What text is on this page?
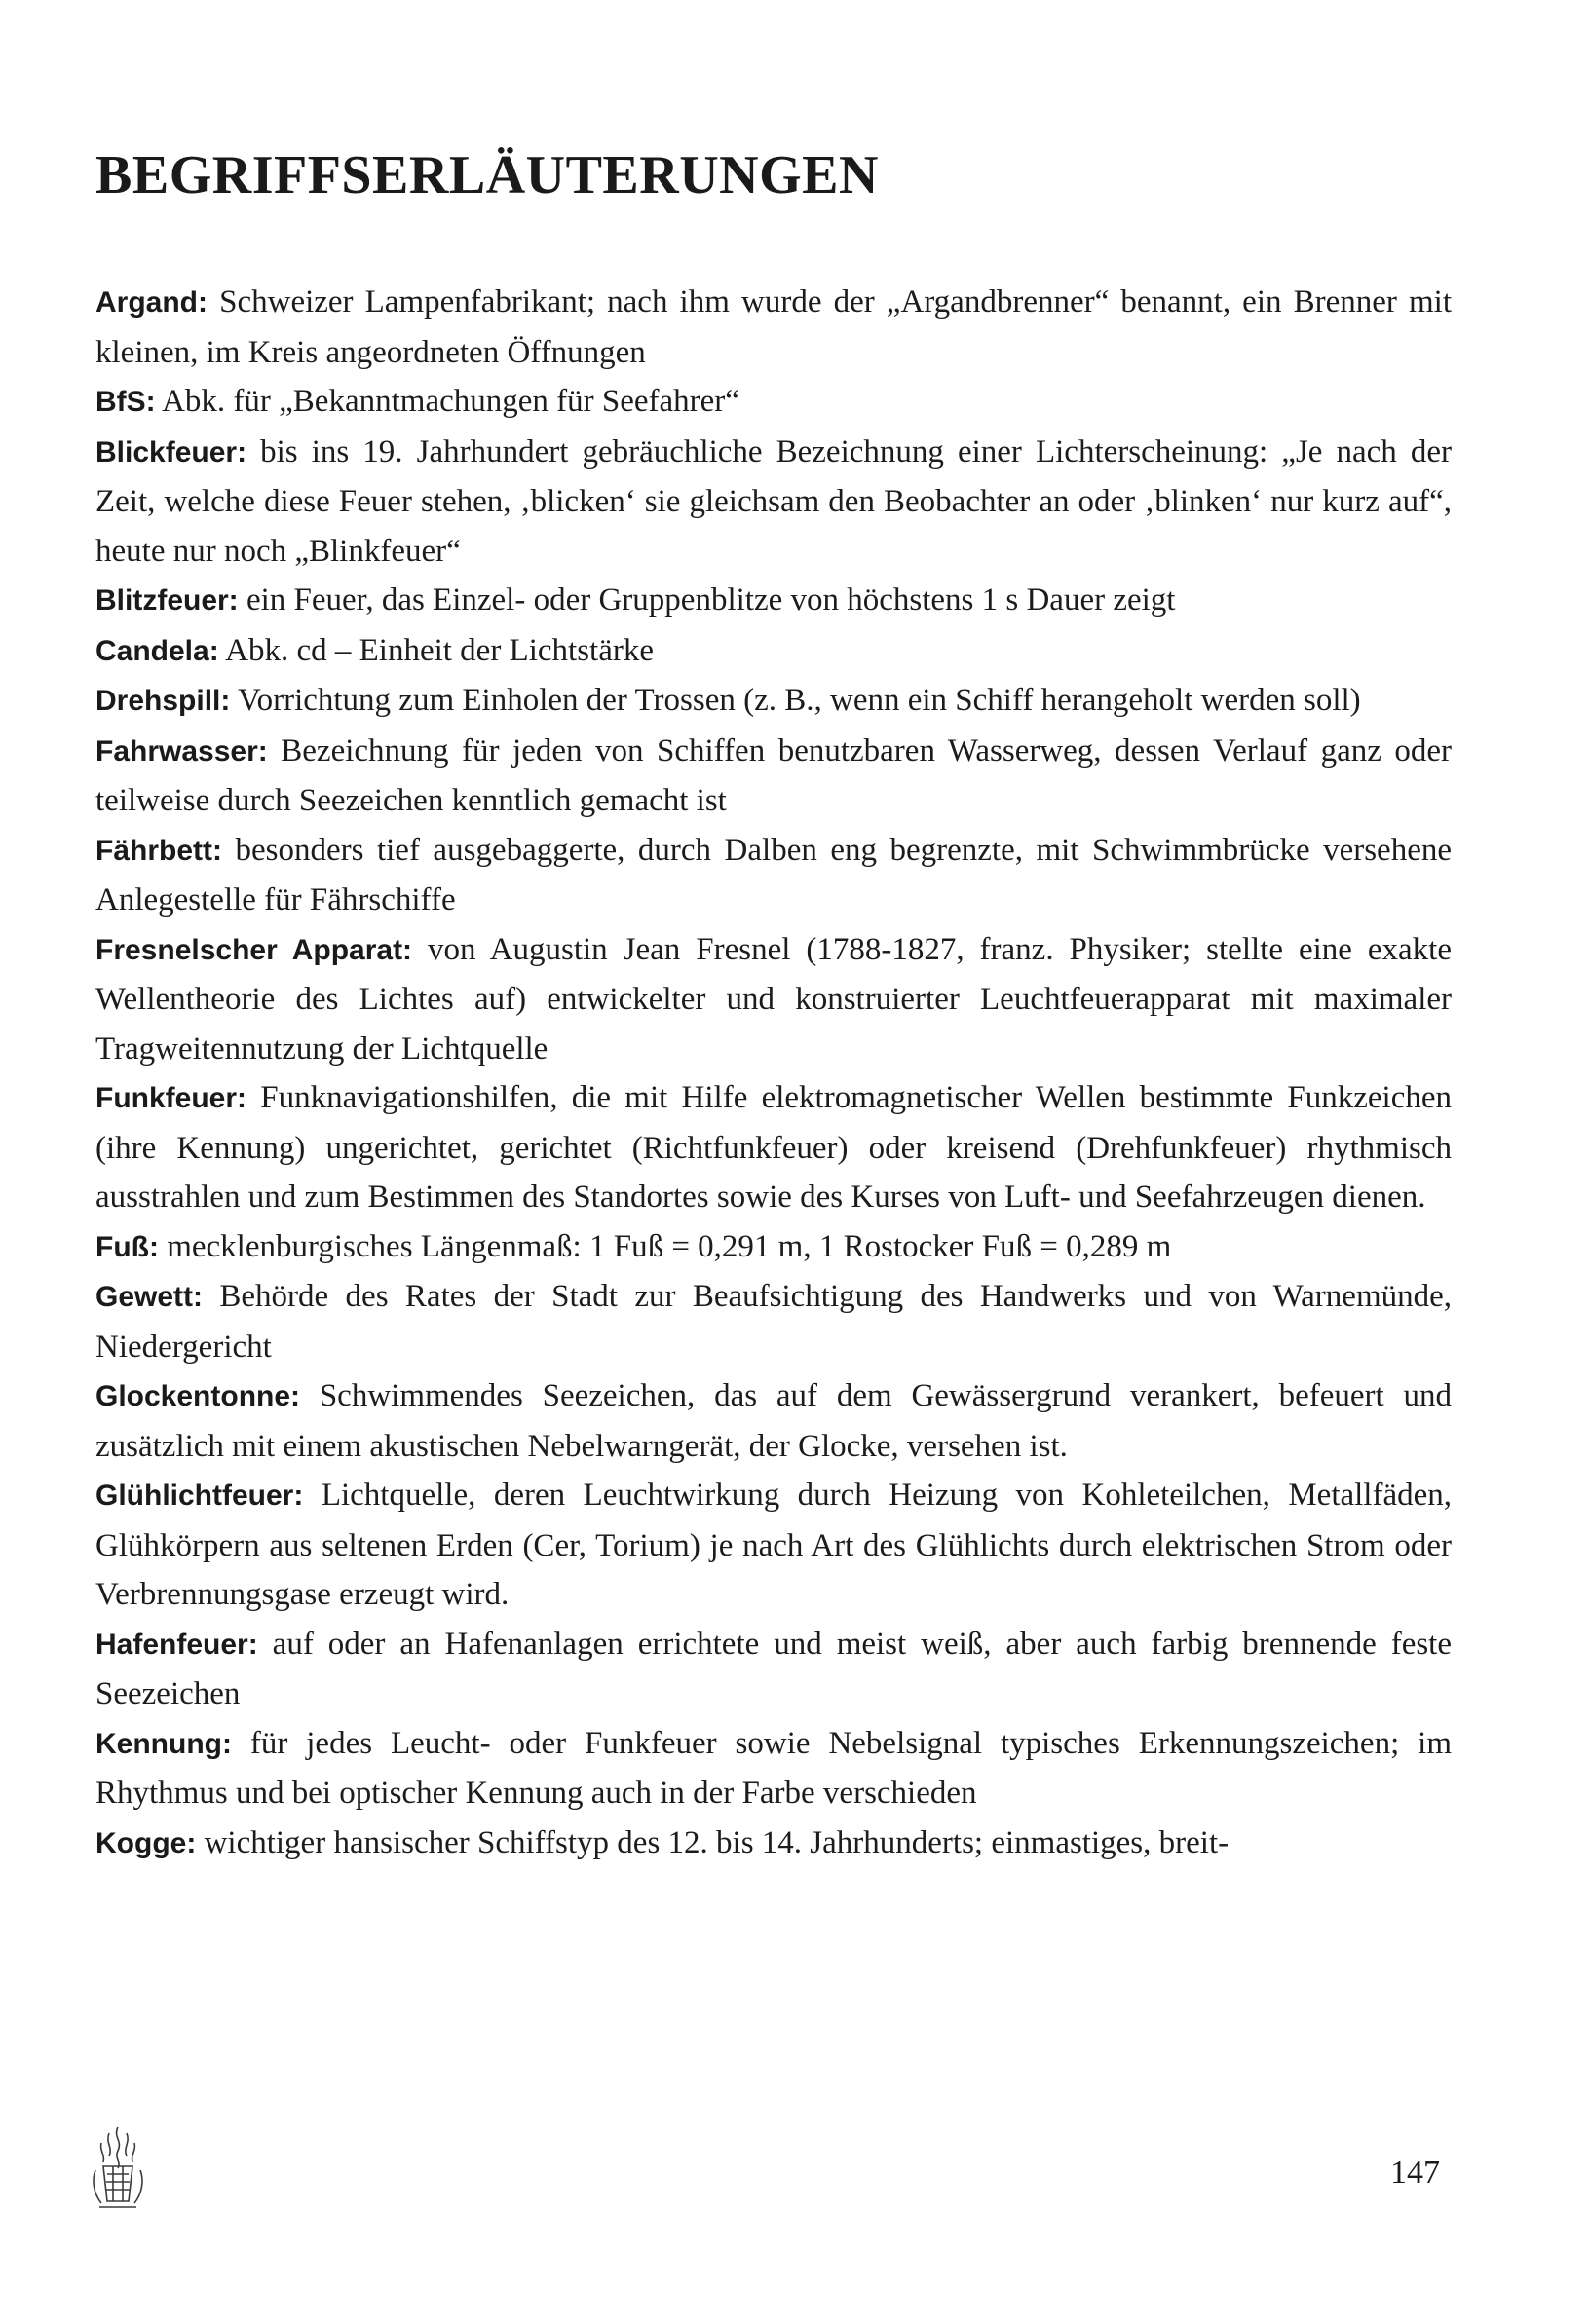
BEGRIFFSERLÄUTERUNGEN

Argand: Schweizer Lampenfabrikant; nach ihm wurde der „Argandbrenner“ benannt, ein Brenner mit kleinen, im Kreis angeordneten Öffnungen

BfS: Abk. für „Bekanntmachungen für Seefahrer“

Blickfeuer: bis ins 19. Jahrhundert gebräuchliche Bezeichnung einer Lichterscheinung: „Je nach der Zeit, welche diese Feuer stehen, ‚blicken‘ sie gleichsam den Beobachter an oder ‚blinken‘ nur kurz auf“, heute nur noch „Blinkfeuer“

Blitzfeuer: ein Feuer, das Einzel- oder Gruppenblitze von höchstens 1 s Dauer zeigt

Candela: Abk. cd – Einheit der Lichtstärke

Drehspill: Vorrichtung zum Einholen der Trossen (z. B., wenn ein Schiff herangeholt werden soll)

Fahrwasser: Bezeichnung für jeden von Schiffen benutzbaren Wasserweg, dessen Verlauf ganz oder teilweise durch Seezeichen kenntlich gemacht ist

Fährbett: besonders tief ausgebaggerte, durch Dalben eng begrenzte, mit Schwimmbrücke versehene Anlegestelle für Fährschiffe

Fresnelscher Apparat: von Augustin Jean Fresnel (1788-1827, franz. Physiker; stellte eine exakte Wellentheorie des Lichtes auf) entwickelter und konstruierter Leuchtfeuerapparat mit maximaler Tragweitennutzung der Lichtquelle

Funkfeuer: Funknavigationshilfen, die mit Hilfe elektromagnetischer Wellen bestimmte Funkzeichen (ihre Kennung) ungerichtet, gerichtet (Richtfunkfeuer) oder kreisend (Drehfunkfeuer) rhythmisch ausstrahlen und zum Bestimmen des Standortes sowie des Kurses von Luft- und Seefahrzeugen dienen.

Fuß: mecklenburgisches Längenmaß: 1 Fuß = 0,291 m, 1 Rostocker Fuß = 0,289 m

Gewett: Behörde des Rates der Stadt zur Beaufsichtigung des Handwerks und von Warnemünde, Niedergericht

Glockentonne: Schwimmendes Seezeichen, das auf dem Gewässergrund verankert, befeuert und zusätzlich mit einem akustischen Nebelwarngerät, der Glocke, versehen ist.

Glühlichtfeuer: Lichtquelle, deren Leuchtwirkung durch Heizung von Kohleteilchen, Metallfäden, Glühkörpern aus seltenen Erden (Cer, Torium) je nach Art des Glühlichts durch elektrischen Strom oder Verbrennungsgase erzeugt wird.

Hafenfeuer: auf oder an Hafenanlagen errichtete und meist weiß, aber auch farbig brennende feste Seezeichen

Kennung: für jedes Leucht- oder Funkfeuer sowie Nebelsignal typisches Erkennungszeichen; im Rhythmus und bei optischer Kennung auch in der Farbe verschieden

Kogge: wichtiger hansischer Schiffstyp des 12. bis 14. Jahrhunderts; einmastiges, breit-

147
